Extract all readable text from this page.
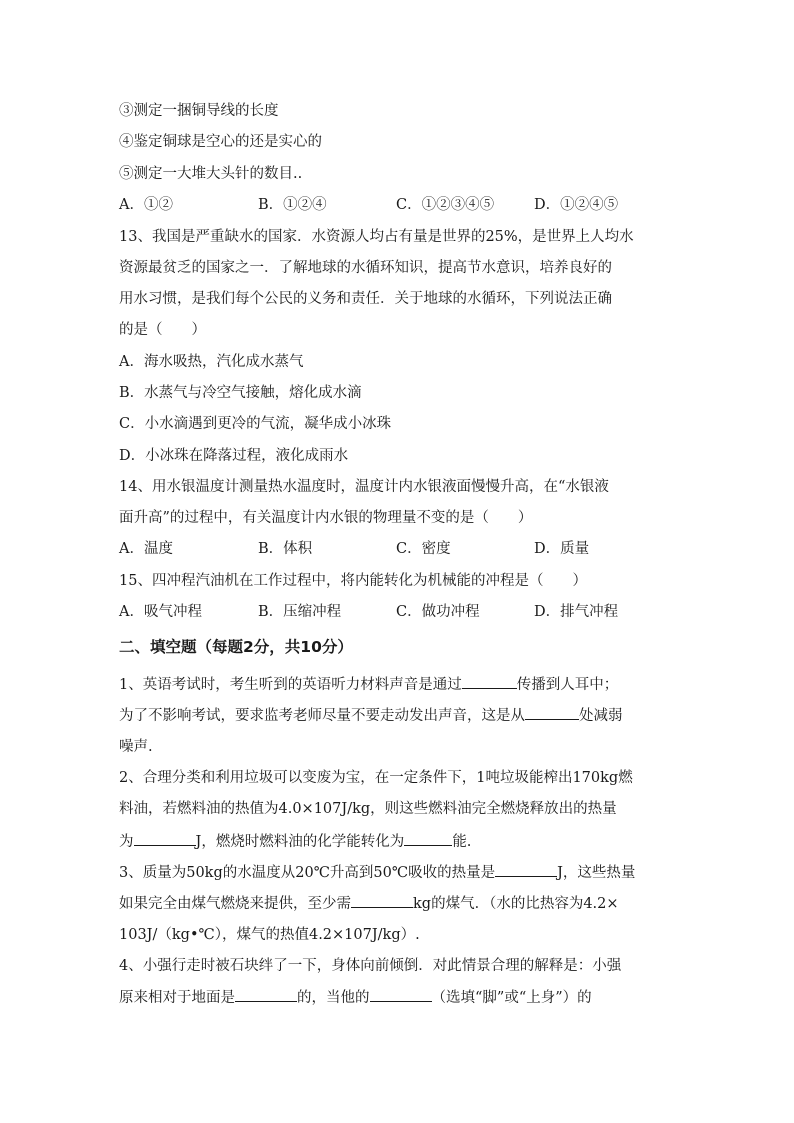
③测定一捆铜导线的长度
④鉴定铜球是空心的还是实心的
⑤测定一大堆大头针的数目..
A．①②	B．①②④	C．①②③④⑤	D．①②④⑤
13、我国是严重缺水的国家．水资源人均占有量是世界的25%，是世界上人均水
资源最贫乏的国家之一．了解地球的水循环知识，提高节水意识，培养良好的
用水习惯，是我们每个公民的义务和责任．关于地球的水循环，下列说法正确
的是（　　）
A．海水吸热，汽化成水蒸气
B．水蒸气与冷空气接触，熔化成水滴
C．小水滴遇到更冷的气流，凝华成小冰珠
D．小冰珠在降落过程，液化成雨水
14、用水银温度计测量热水温度时，温度计内水银液面慢慢升高，在“水银液
面升高”的过程中，有关温度计内水银的物理量不变的是（　　）
A．温度	B．体积	C．密度	D．质量
15、四冲程汽油机在工作过程中，将内能转化为机械能的冲程是（　　）
A．吸气冲程	B．压缩冲程	C．做功冲程	D．排气冲程
二、填空题（每题2分，共10分）
1、英语考试时，考生听到的英语听力材料声音是通过	传播到人耳中；
为了不影响考试，要求监考老师尽量不要走动发出声音，这是从	处减弱
噪声.
2、合理分类和利用垃圾可以变废为宝，在一定条件下，1吨垃圾能榨出170kg燃
料油，若燃料油的热值为4.0×107J/kg，则这些燃料油完全燃烧释放出的热量
为	J，燃烧时燃料油的化学能转化为	能.
3、质量为50kg的水温度从20℃升高到50℃吸收的热量是	J，这些热量
如果完全由煤气燃烧来提供，至少需	kg的煤气．（水的比热容为4.2×
103J/（kg•℃），煤气的热值4.2×107J/kg）.
4、小强行走时被石块绊了一下，身体向前倾倒．对此情景合理的解释是：小强
原来相对于地面是	的，当他的	（选填“脚”或“上身”）的
